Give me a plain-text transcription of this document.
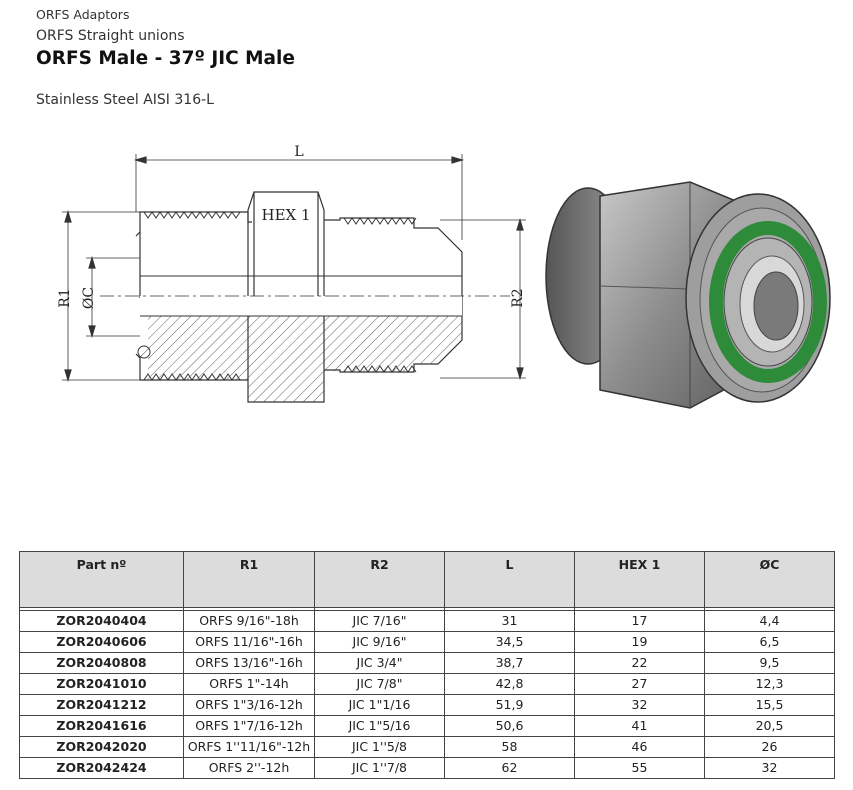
ORFS Adaptors
ORFS Straight unions
ORFS Male - 37º JIC Male
Stainless Steel AISI 316-L
L
HEX 1
R1 ØC	R2
Part nº	R1	R2	L	HEX 1	ØC

ZOR2040404	ORFS 9/16"-18h	JIC 7/16"	31	17	4,4
ZOR2040606	ORFS 11/16"-16h	JIC 9/16"	34,5	19	6,5
ZOR2040808	ORFS 13/16"-16h	JIC 3/4"	38,7	22	9,5
ZOR2041010	ORFS 1"-14h	JIC 7/8"	42,8	27	12,3
ZOR2041212	ORFS 1"3/16-12h	JIC 1"1/16	51,9	32	15,5
ZOR2041616	ORFS 1"7/16-12h	JIC 1"5/16	50,6	41	20,5
ZOR2042020	ORFS 1''11/16"-12h	JIC 1''5/8	58	46	26
ZOR2042424	ORFS 2''-12h	JIC 1''7/8	62	55	32
